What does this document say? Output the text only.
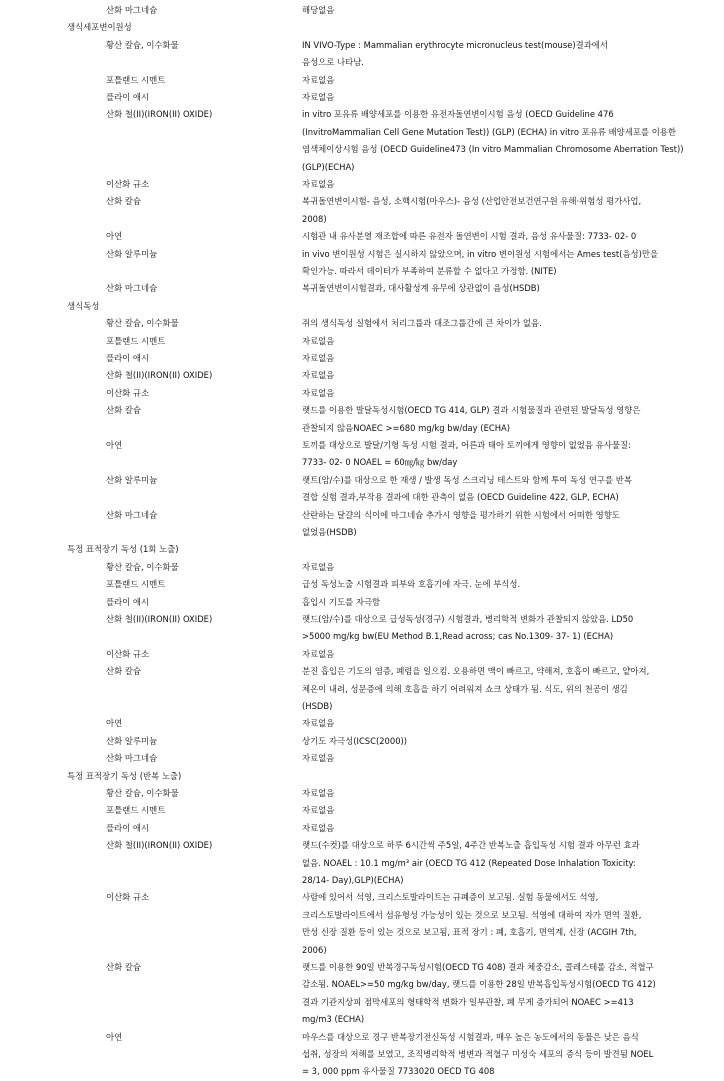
산화 마그네슘	해당없음
생식세포변이원성
황산 칼슘, 이수화물	IN VIVO-Type : Mammalian erythrocyte micronucleus test(mouse)결과에서
음성으로 나타남.
포틀랜드 시멘트	자료없음
플라이 애시	자료없음
산화 철(II)(IRON(II) OXIDE)	in vitro 포유류 배양세포를 이용한 유전자돌연변이시험 음성 (OECD Guideline 476
(InvitroMammalian Cell Gene Mutation Test)) (GLP) (ECHA) in vitro 포유류 배양세포를 이용한
염색체이상시험 음성 (OECD Guideline473 (In vitro Mammalian Chromosome Aberration Test))
(GLP)(ECHA)
이산화 규소	자료없음
산화 칼슘	복귀돌연변이시험- 음성, 소핵시험(마우스)- 음성 (산업안전보건연구원 유해·위험성 평가사업,
2008)
아연	시험관 내 유사분열 재조합에 따른 유전자 돌연변이 시험 결과, 음성 유사물질: 7733- 02- 0
산화 알루미늄	in vivo 변이원성 시험은 실시하지 않았으며, in vitro 변이원성 시험에서는 Ames test(음성)만을
확인가능. 따라서 데이터가 부족하여 분류할 수 없다고 가정함. (NITE)
산화 마그네슘	복귀돌연변이시험결과, 대사활성계 유무에 상관없이 음성(HSDB)
생식독성
황산 칼슘, 이수화물	쥐의 생식독성 실험에서 처리그룹과 대조그룹간에 큰 차이가 없음.
포틀랜드 시멘트	자료없음
플라이 애시	자료없음
산화 철(II)(IRON(II) OXIDE)	자료없음
이산화 규소	자료없음
산화 칼슘	랫드를 이용한 발달독성시험(OECD TG 414, GLP) 결과 시험물질과 관련된 발달독성 영향은
관찰되지 않음NOAEC >=680 mg/kg bw/day (ECHA)
아연	토끼를 대상으로 발달/기형 독성 시험 결과, 어른과 태아 토끼에게 영향이 없었음 유사물질:
7733- 02- 0 NOAEL = 60㎎/㎏ bw/day
산화 알루미늄	랫트(암/수)를 대상으로 한 재생 / 발생 독성 스크리닝 테스트와 함께 투여 독성 연구를 반복
결합 실험 결과,부작용 결과에 대한 관측이 없음 (OECD Guideline 422, GLP, ECHA)
산화 마그네슘	산란하는 달걀의 식이에 마그네슘 추가시 영향을 평가하기 위한 시험에서 어떠한 영향도
없었음(HSDB)
특정 표적장기 독성 (1회 노출)
황산 칼슘, 이수화물	자료없음
포틀랜드 시멘트	급성 독성노출 시험결과 피부와 호흡기에 자극. 눈에 부식성.
플라이 애시	흡입시 기도를 자극함
산화 철(II)(IRON(II) OXIDE)	랫드(암/수)를 대상으로 급성독성(경구) 시험결과, 병리학적 변화가 관찰되지 않았음. LD50
>5000 mg/kg bw(EU Method B.1,Read across; cas No.1309- 37- 1) (ECHA)
이산화 규소	자료없음
산화 칼슘	분진 흡입은 기도의 염증, 폐렴을 일으킴. 오용하면 맥이 빠르고, 약해져, 호흡이 빠르고, 얕아져,
체온이 내려, 성문증에 의해 호흡을 하기 어려워져 쇼크 상태가 됨. 식도, 위의 천공이 생김
(HSDB)
아연	자료없음
산화 알루미늄	상기도 자극성(ICSC(2000))
산화 마그네슘	자료없음
특정 표적장기 독성 (반복 노출)
황산 칼슘, 이수화물	자료없음
포틀랜드 시멘트	자료없음
플라이 애시	자료없음
산화 철(II)(IRON(II) OXIDE)	랫드(수컷)를 대상으로 하루 6시간씩 주5일, 4주간 반복노출 흡입독성 시험 결과 아무런 효과
없음. NOAEL : 10.1 mg/m³ air (OECD TG 412 (Repeated Dose Inhalation Toxicity:
28/14- Day),GLP)(ECHA)
이산화 규소	사람에 있어서 석영, 크리스토발라이트는 규폐증이 보고됨. 실험 동물에서도 석영,
크리스토발라이트에서 섬유형성 가능성이 있는 것으로 보고됨. 석영에 대하여 자가 면역 질환,
만성 신장 질환 등이 있는 것으로 보고됨, 표적 장기 : 폐, 호흡기, 면역계, 신장 (ACGIH 7th,
2006)
산화 칼슘	랫드를 이용한 90일 반복경구독성시험(OECD TG 408) 결과 체중감소, 콜레스테롤 감소, 적혈구
감소됨. NOAEL>=50 mg/kg bw/day, 랫드를 이용한 28일 반복흡입독성시험(OECD TG 412)
결과 기관지상피 점막세포의 형태학적 변화가 일부관찰, 폐 무게 증가되어 NOAEC >=413
mg/m3 (ECHA)
아연	마우스를 대상으로 경구 반복장기전신독성 시험결과, 매우 높은 농도에서의 동물은 낮은 음식
섭취, 성장의 저해를 보였고, 조직병리학적 병변과 적혈구 미성숙 세포의 증식 등이 발견됨 NOEL
= 3, 000 ppm 유사물질 7733020 OECD TG 408
